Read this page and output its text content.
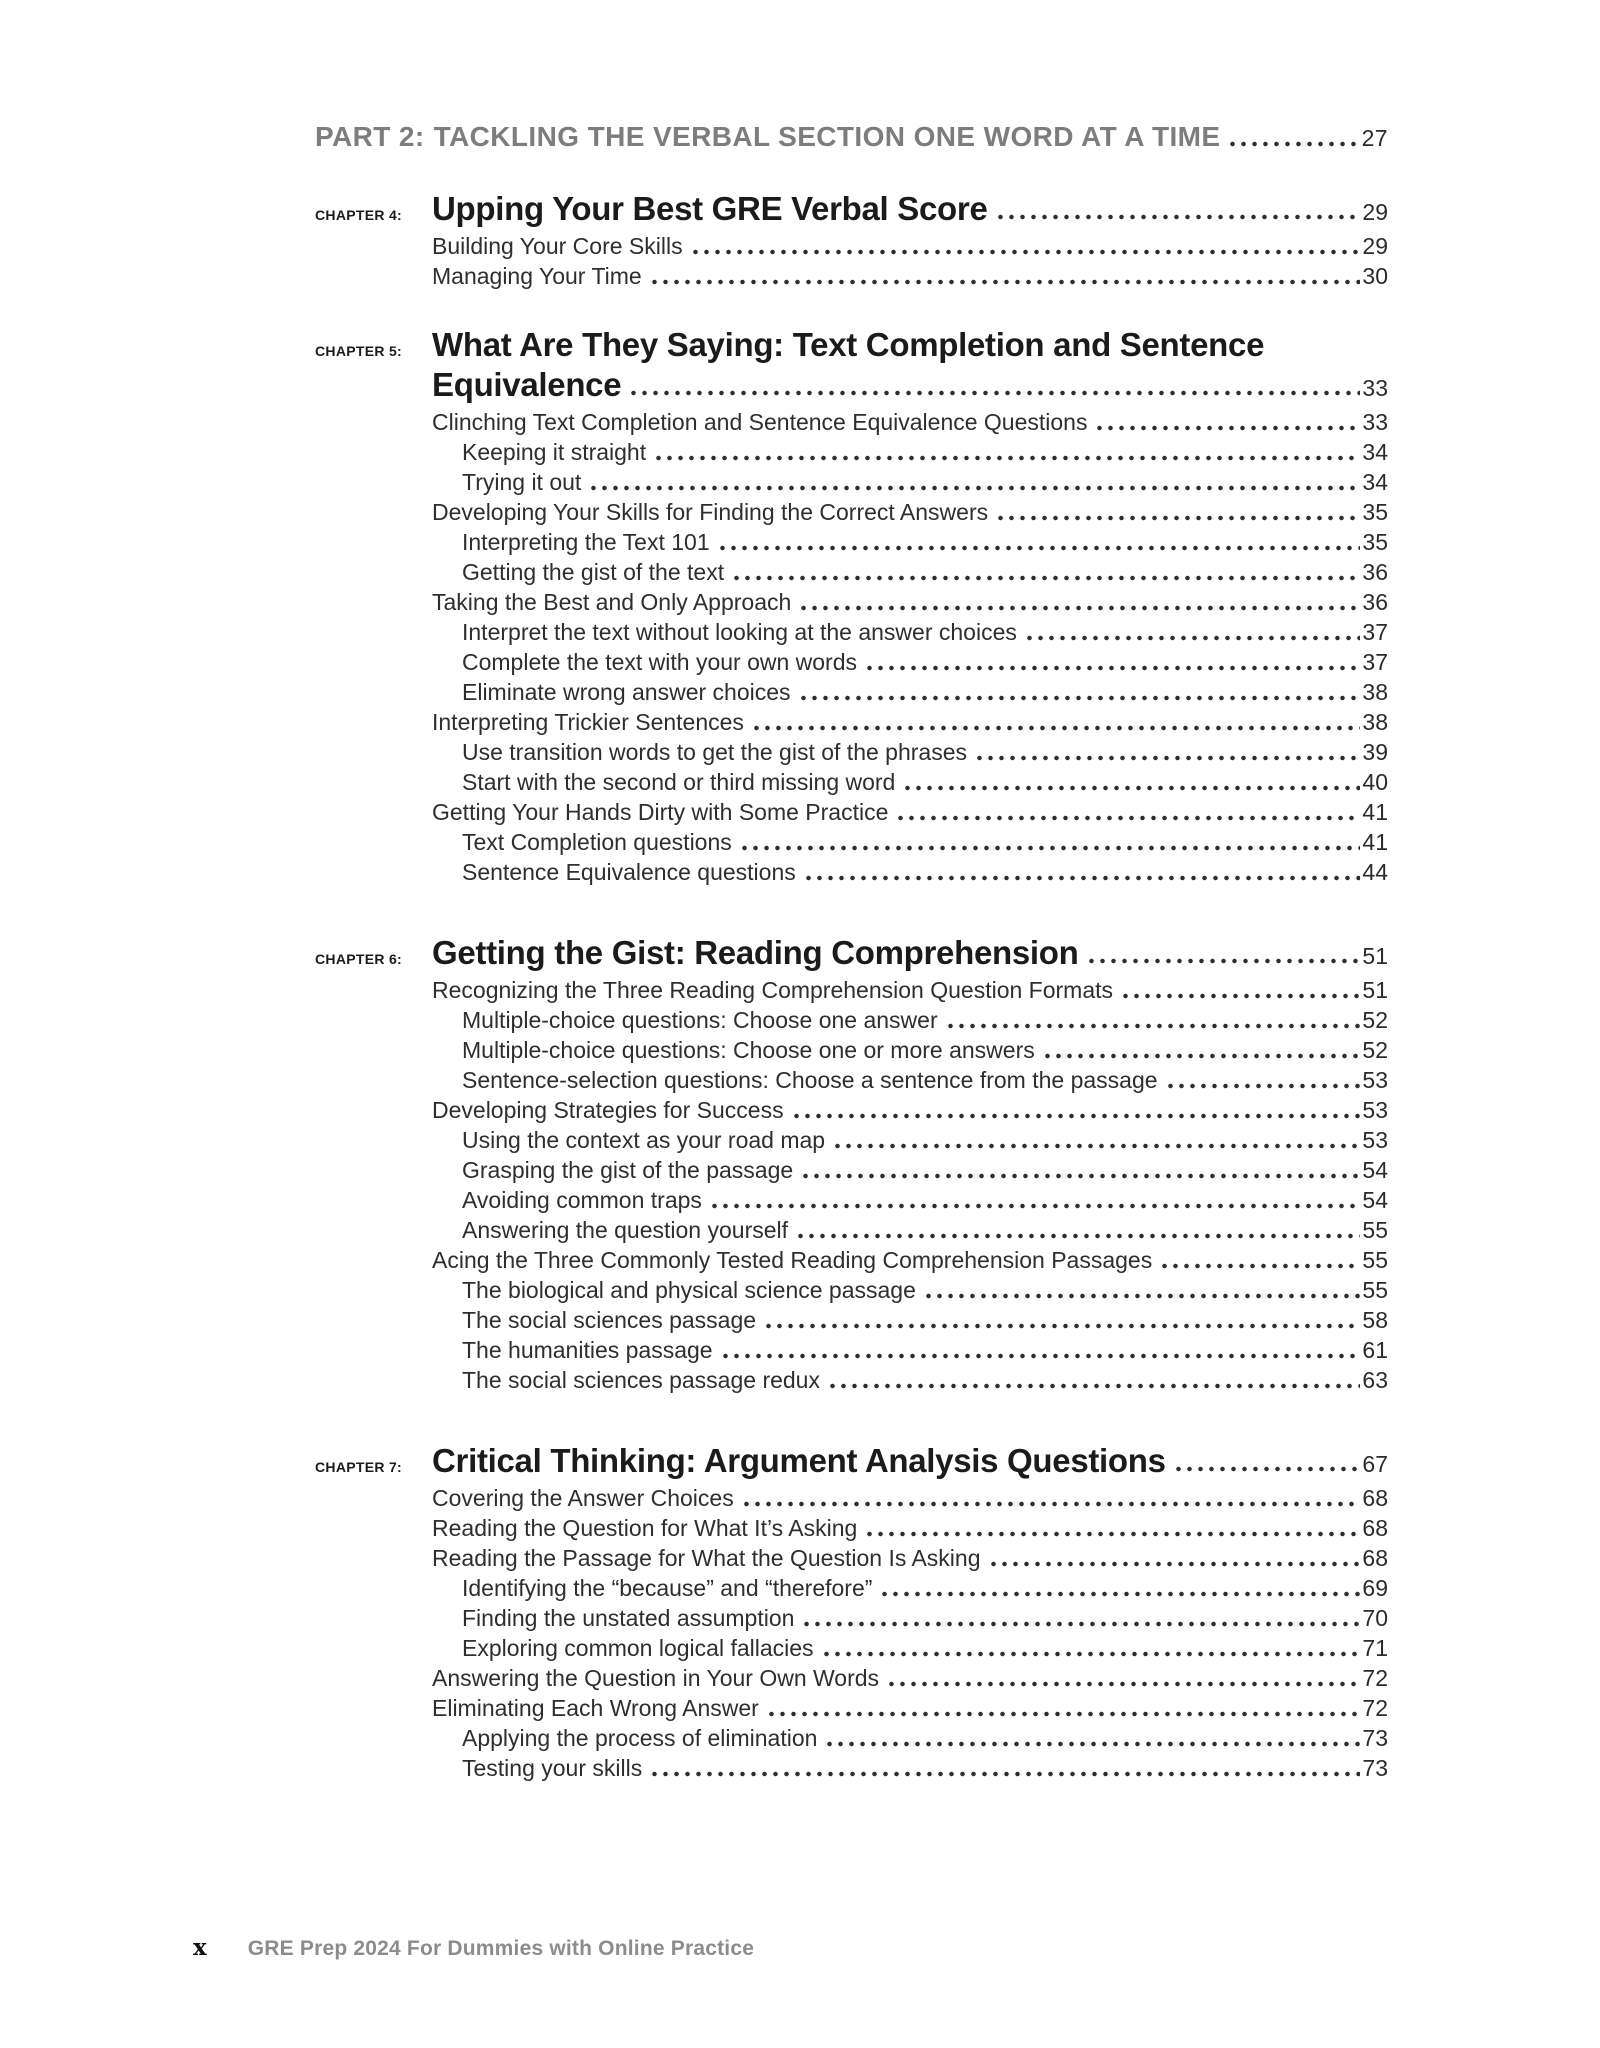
PART 2: TACKLING THE VERBAL SECTION ONE WORD AT A TIME	27
CHAPTER 4: Upping Your Best GRE Verbal Score	29
Building Your Core Skills	29
Managing Your Time	30
CHAPTER 5: What Are They Saying: Text Completion and Sentence
Equivalence	33
Clinching Text Completion and Sentence Equivalence Questions	33
Keeping it straight	34
Trying it out	34
Developing Your Skills for Finding the Correct Answers	35
Interpreting the Text 101	35
Getting the gist of the text	36
Taking the Best and Only Approach	36
Interpret the text without looking at the answer choices	37
Complete the text with your own words	37
Eliminate wrong answer choices	38
Interpreting Trickier Sentences	38
Use transition words to get the gist of the phrases	39
Start with the second or third missing word	40
Getting Your Hands Dirty with Some Practice	41
Text Completion questions	41
Sentence Equivalence questions	44
CHAPTER 6: Getting the Gist: Reading Comprehension	51
Recognizing the Three Reading Comprehension Question Formats	51
Multiple-choice questions: Choose one answer	52
Multiple-choice questions: Choose one or more answers	52
Sentence-selection questions: Choose a sentence from the passage	53
Developing Strategies for Success	53
Using the context as your road map	53
Grasping the gist of the passage	54
Avoiding common traps	54
Answering the question yourself	55
Acing the Three Commonly Tested Reading Comprehension Passages	55
The biological and physical science passage	55
The social sciences passage	58
The humanities passage	61
The social sciences passage redux	63
CHAPTER 7: Critical Thinking: Argument Analysis Questions	67
Covering the Answer Choices	68
Reading the Question for What It’s Asking	68
Reading the Passage for What the Question Is Asking	68
Identifying the “because” and “therefore”	69
Finding the unstated assumption	70
Exploring common logical fallacies	71
Answering the Question in Your Own Words	72
Eliminating Each Wrong Answer	72
Applying the process of elimination	73
Testing your skills	73
x GRE Prep 2024 For Dummies with Online Practice
